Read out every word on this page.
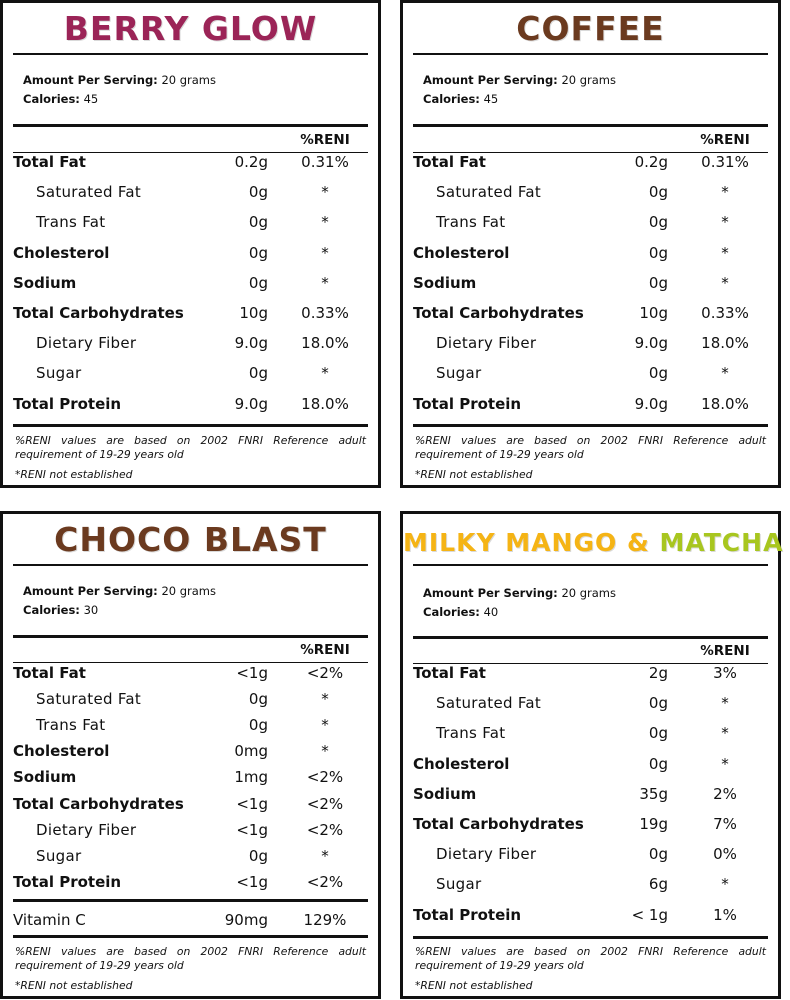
BERRY GLOW
Amount Per Serving: 20 grams
Calories: 45
%RENI
Total Fat	0.2g	0.31%
Saturated Fat	0g	*
Trans Fat	0g	*
Cholesterol	0g	*
Sodium	0g	*
Total Carbohydrates	10g	0.33%
Dietary Fiber	9.0g	18.0%
Sugar	0g	*
Total Protein	9.0g	18.0%
%RENI values are based on 2002 FNRI Reference adult requirement of 19-29 years old
*RENI not established
COFFEE
Amount Per Serving: 20 grams
Calories: 45
%RENI
Total Fat	0.2g	0.31%
Saturated Fat	0g	*
Trans Fat	0g	*
Cholesterol	0g	*
Sodium	0g	*
Total Carbohydrates	10g	0.33%
Dietary Fiber	9.0g	18.0%
Sugar	0g	*
Total Protein	9.0g	18.0%
%RENI values are based on 2002 FNRI Reference adult requirement of 19-29 years old
*RENI not established
CHOCO BLAST
Amount Per Serving: 20 grams
Calories: 30
%RENI
Total Fat	<1g	<2%
Saturated Fat	0g	*
Trans Fat	0g	*
Cholesterol	0mg	*
Sodium	1mg	<2%
Total Carbohydrates	<1g	<2%
Dietary Fiber	<1g	<2%
Sugar	0g	*
Total Protein	<1g	<2%
Vitamin C	90mg	129%
%RENI values are based on 2002 FNRI Reference adult requirement of 19-29 years old
*RENI not established
MILKY MANGO & MATCHA
Amount Per Serving: 20 grams
Calories: 40
%RENI
Total Fat	2g	3%
Saturated Fat	0g	*
Trans Fat	0g	*
Cholesterol	0g	*
Sodium	35g	2%
Total Carbohydrates	19g	7%
Dietary Fiber	0g	0%
Sugar	6g	*
Total Protein	< 1g	1%
%RENI values are based on 2002 FNRI Reference adult requirement of 19-29 years old
*RENI not established
